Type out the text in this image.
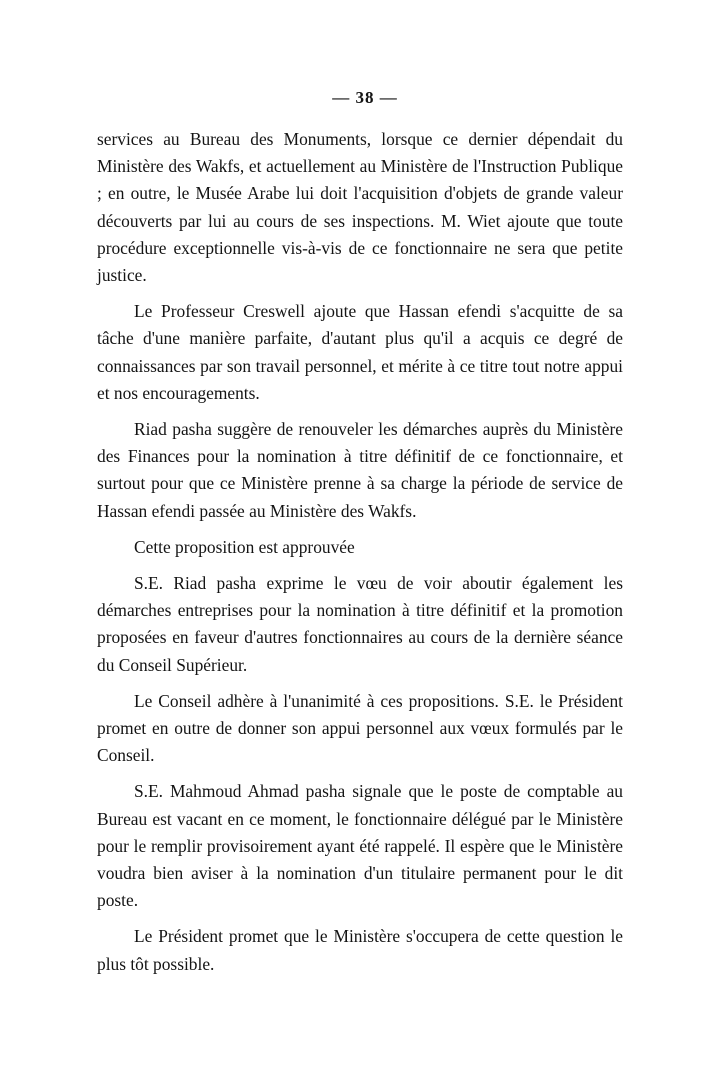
— 38 —

services au Bureau des Monuments, lorsque ce dernier dépendait du Ministère des Wakfs, et actuellement au Ministère de l'Instruction Publique ; en outre, le Musée Arabe lui doit l'acquisition d'objets de grande valeur découverts par lui au cours de ses inspections. M. Wiet ajoute que toute procédure exceptionnelle vis-à-vis de ce fonctionnaire ne sera que petite justice.

Le Professeur Creswell ajoute que Hassan efendi s'acquitte de sa tâche d'une manière parfaite, d'autant plus qu'il a acquis ce degré de connaissances par son travail personnel, et mérite à ce titre tout notre appui et nos encouragements.

Riad pasha suggère de renouveler les démarches auprès du Ministère des Finances pour la nomination à titre définitif de ce fonctionnaire, et surtout pour que ce Ministère prenne à sa charge la période de service de Hassan efendi passée au Ministère des Wakfs.

Cette proposition est approuvée

S.E. Riad pasha exprime le vœu de voir aboutir également les démarches entreprises pour la nomination à titre définitif et la promotion proposées en faveur d'autres fonctionnaires au cours de la dernière séance du Conseil Supérieur.

Le Conseil adhère à l'unanimité à ces propositions. S.E. le Président promet en outre de donner son appui personnel aux vœux formulés par le Conseil.

S.E. Mahmoud Ahmad pasha signale que le poste de comptable au Bureau est vacant en ce moment, le fonctionnaire délégué par le Ministère pour le remplir provisoirement ayant été rappelé. Il espère que le Ministère voudra bien aviser à la nomination d'un titulaire permanent pour le dit poste.

Le Président promet que le Ministère s'occupera de cette question le plus tôt possible.
